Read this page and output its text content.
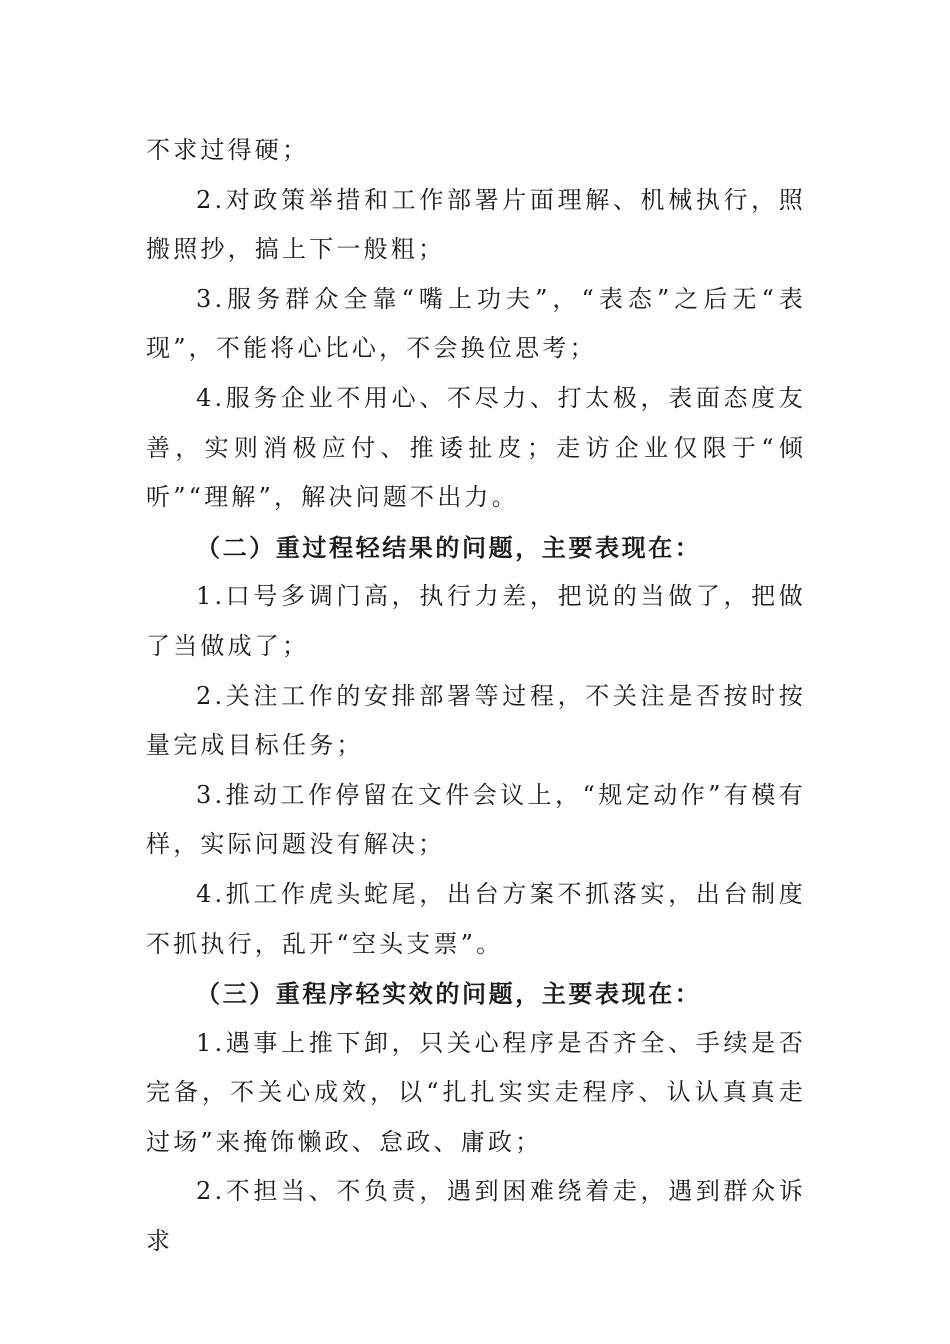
不求过得硬；

2.对政策举措和工作部署片面理解、机械执行，照搬照抄，搞上下一般粗；

3.服务群众全靠“嘴上功夫”，“表态”之后无“表现”，不能将心比心，不会换位思考；

4.服务企业不用心、不尽力、打太极，表面态度友善，实则消极应付、推诿扯皮；走访企业仅限于“倾听”“理解”，解决问题不出力。

（二）重过程轻结果的问题，主要表现在：

1.口号多调门高，执行力差，把说的当做了，把做了当做成了；

2.关注工作的安排部署等过程，不关注是否按时按量完成目标任务；

3.推动工作停留在文件会议上，“规定动作”有模有样，实际问题没有解决；

4.抓工作虎头蛇尾，出台方案不抓落实，出台制度不抓执行，乱开“空头支票”。

（三）重程序轻实效的问题，主要表现在：

1.遇事上推下卸，只关心程序是否齐全、手续是否完备，不关心成效，以“扎扎实实走程序、认认真真走过场”来掩饰懒政、怠政、庸政；

2.不担当、不负责，遇到困难绕着走，遇到群众诉求
